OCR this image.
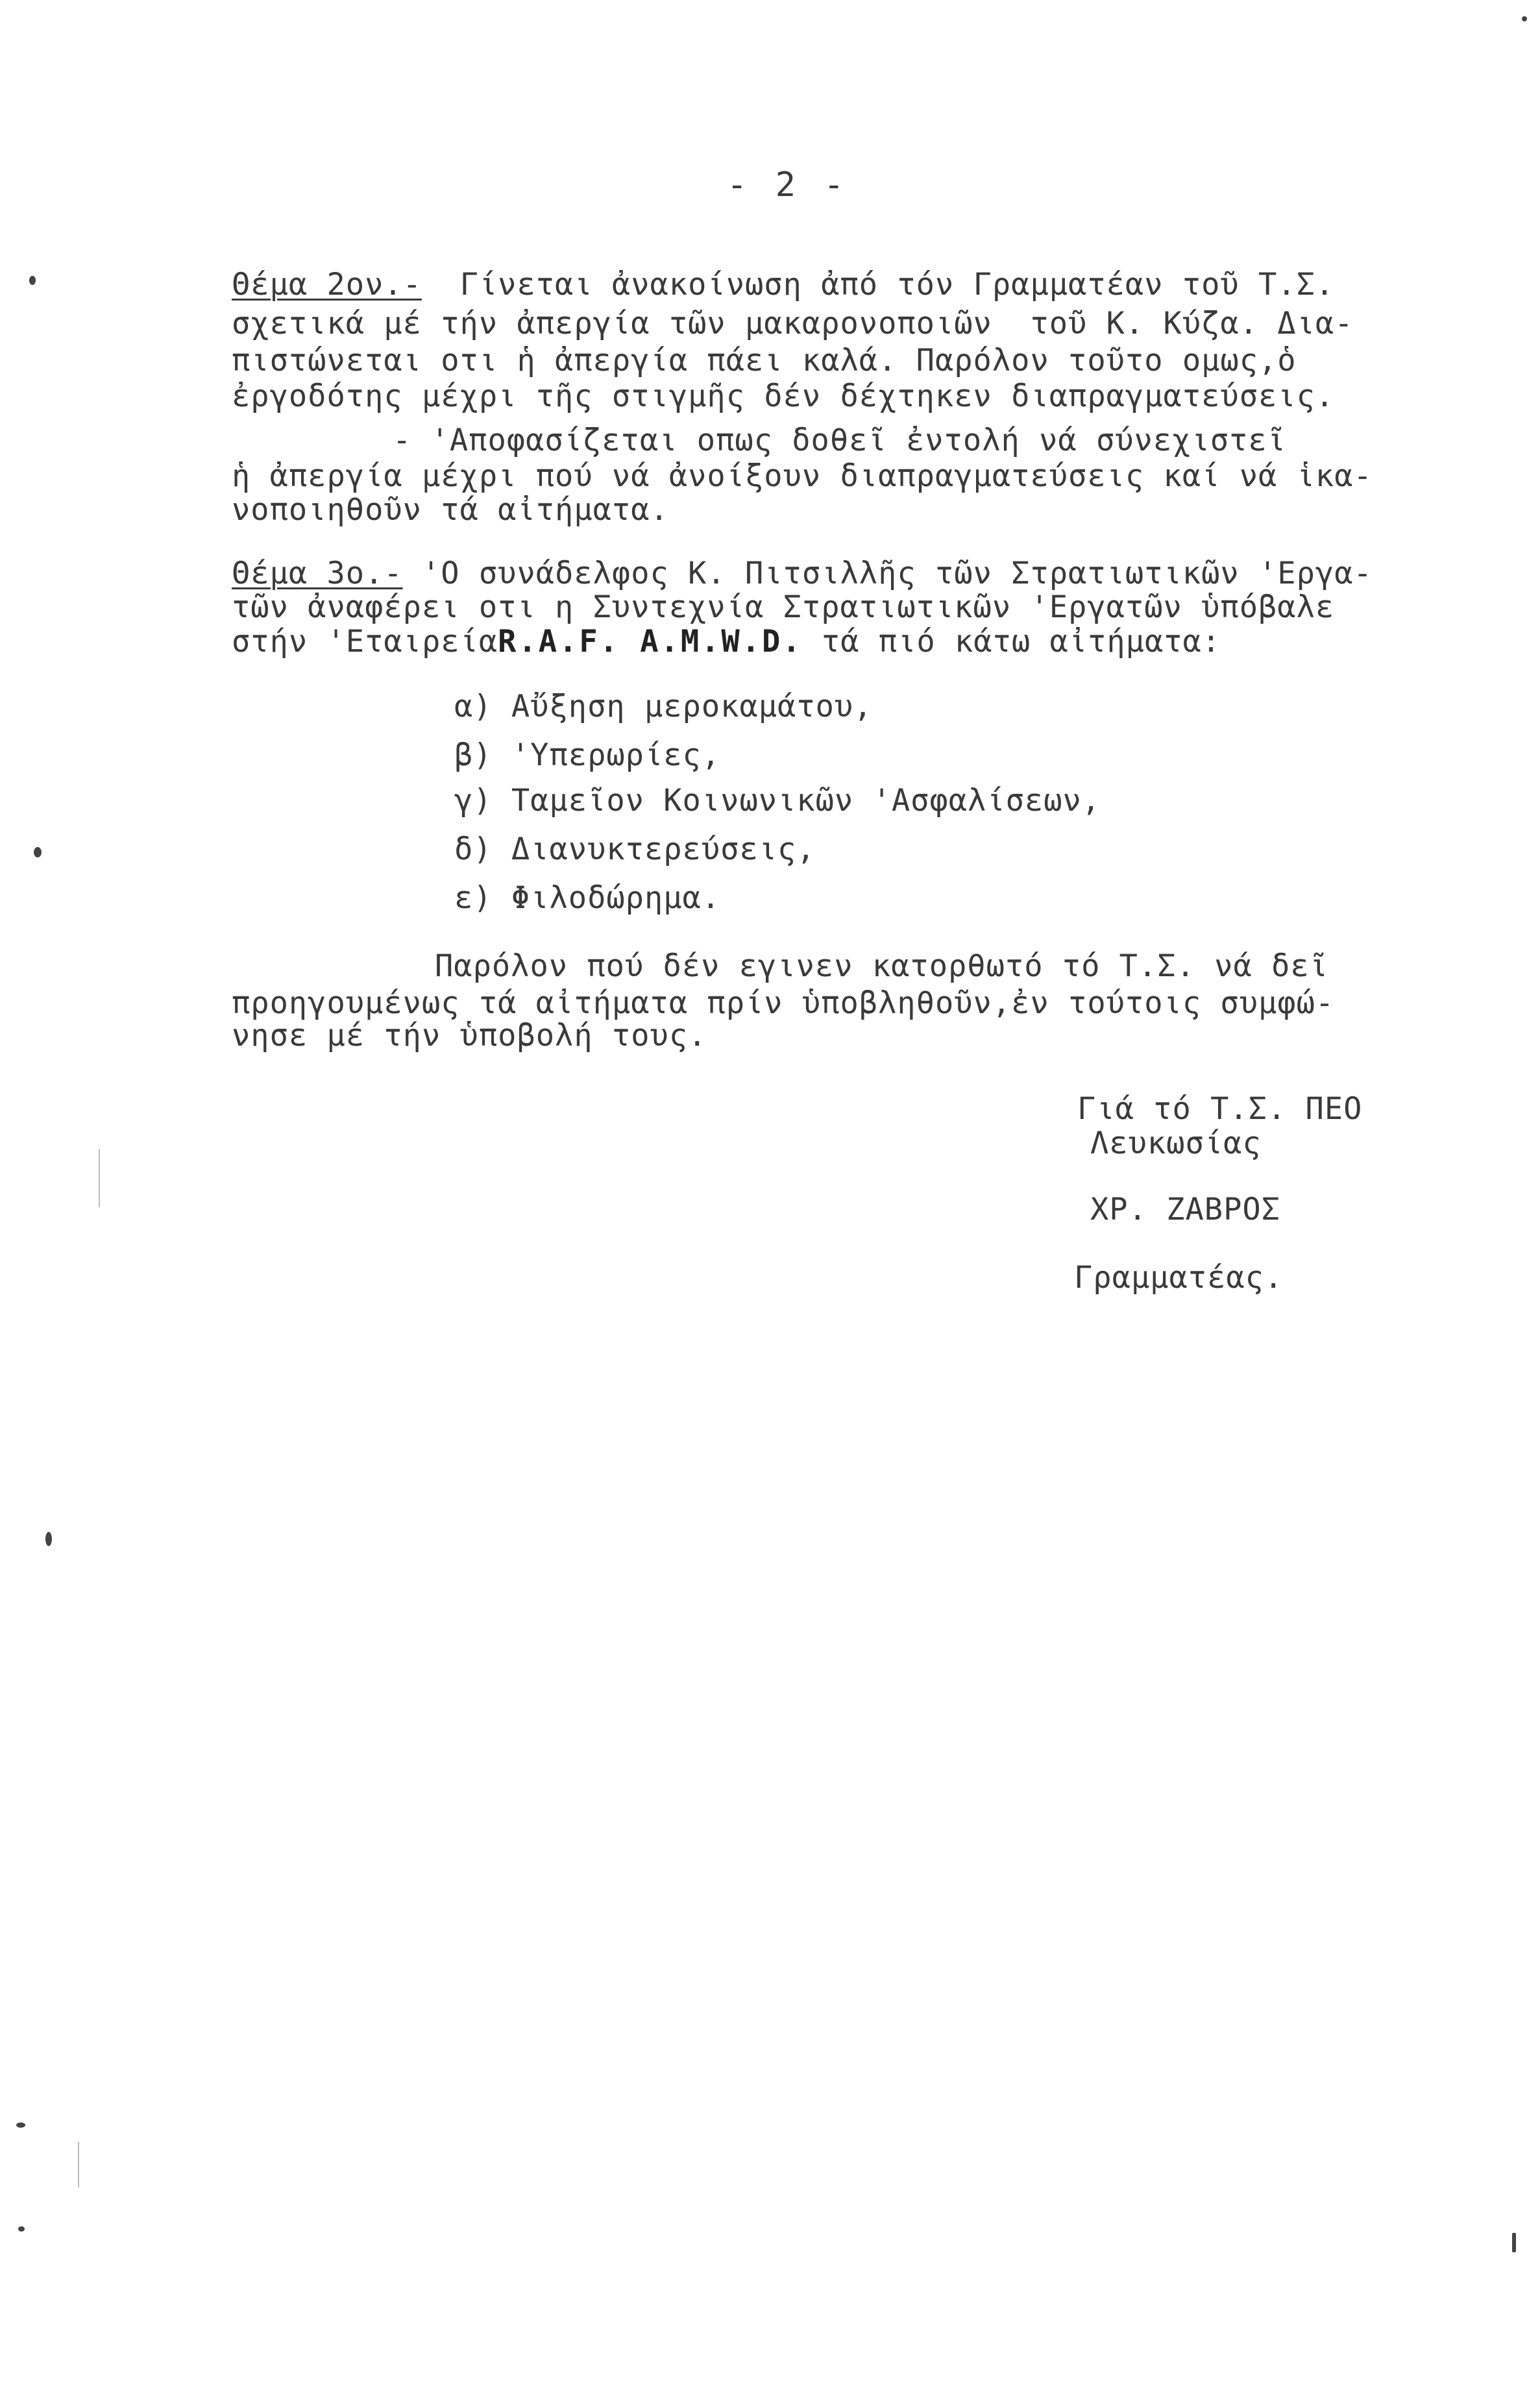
- 2 -
Θέμα 2ον.- Γίνεται ἀνακοίνωση ἀπό τόν Γραμματέαν τοῦ Τ.Σ.
σχετικά μέ τήν ἀπεργία τῶν μακαρονοποιῶν  τοῦ Κ. Κύζα. Δια-
πιστώνεται οτι ἡ ἀπεργία πάει καλά. Παρόλον τοῦτο ομως,ὁ
ἐργοδότης μέχρι τῆς στιγμῆς δέν δέχτηκεν διαπραγματεύσεις.
- 'Αποφασίζεται οπως δοθεῖ ἐντολή νά σύνεχιστεῖ
ἡ ἀπεργία μέχρι πού νά ἀνοίξουν διαπραγματεύσεις καί νά ἱκα-
νοποιηθοῦν τά αἰτήματα.
Θέμα 3ο.- 'Ο συνάδελφος Κ. Πιτσιλλῆς τῶν Στρατιωτικῶν 'Εργα-
τῶν ἀναφέρει οτι η Συντεχνία Στρατιωτικῶν 'Εργατῶν ὑπόβαλε
στήν 'ΕταιρείαR.A.F. A.M.W.D. τά πιό κάτω αἰτήματα:
α) Αὔξηση μεροκαμάτου,
β) 'Υπερωρίες,
γ) Ταμεῖον Κοινωνικῶν 'Ασφαλίσεων,
δ) Διανυκτερεύσεις,
ε) Φιλοδώρημα.
Παρόλον πού δέν εγινεν κατορθωτό τό Τ.Σ. νά δεῖ
προηγουμένως τά αἰτήματα πρίν ὑποβληθοῦν,ἐν τούτοις συμφώ-
νησε μέ τήν ὑποβολή τους.
Γιά τό Τ.Σ. ΠΕΟ
Λευκωσίας
ΧΡ. ΖΑΒΡΟΣ
Γραμματέας.
